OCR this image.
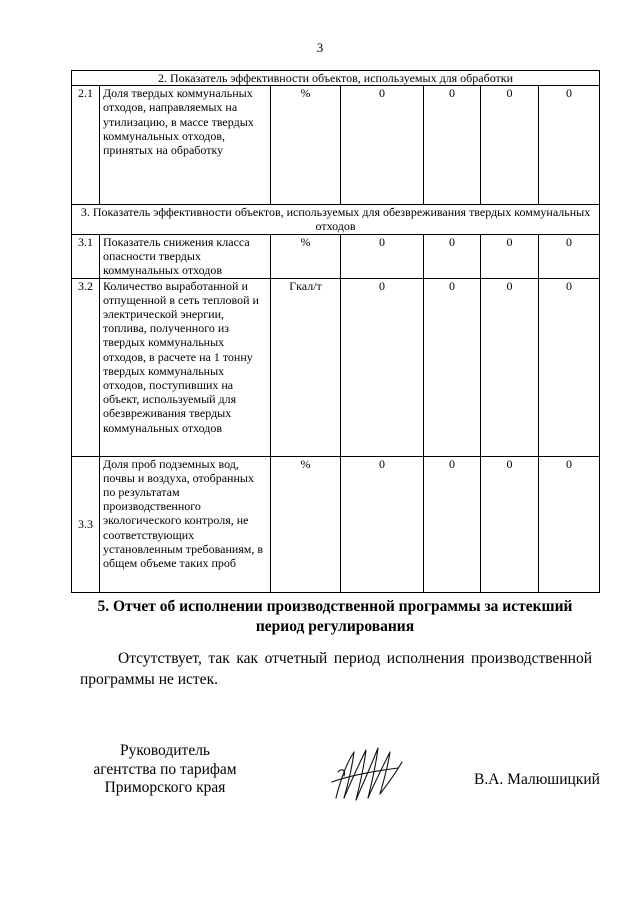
3
2. Показатель эффективности объектов, используемых для обработки						
2.1	Доля твердых коммунальных отходов, направляемых на утилизацию, в массе твердых коммунальных отходов, принятых на обработку	%	0	0	0	0
3. Показатель эффективности объектов, используемых для обезвреживания твердых коммунальных отходов						
3.1	Показатель снижения класса опасности твердых коммунальных отходов	%	0	0	0	0
3.2	Количество выработанной и отпущенной в сеть тепловой и электрической энергии, топлива, полученного из твердых коммунальных отходов, в расчете на 1 тонну твердых коммунальных отходов, поступивших на объект, используемый для обезвреживания твердых коммунальных отходов	Гкал/т	0	0	0	0
3.3	Доля проб подземных вод, почвы и воздуха, отобранных по результатам производственного экологического контроля, не соответствующих установленным требованиям, в общем объеме таких проб	%	0	0	0	0
5. Отчет об исполнении производственной программы за истекший период регулирования
Отсутствует, так как отчетный период исполнения производственной программы не истек.
Руководитель
агентства по тарифам
Приморского края	В.А. Малюшицкий
